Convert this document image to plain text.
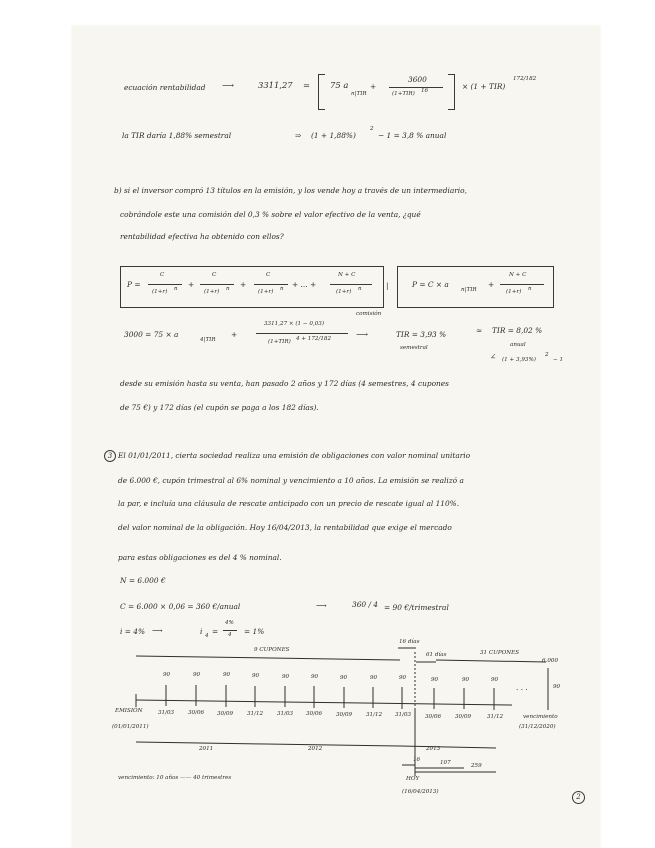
ecuación rentabilidad ⟶	3311,27 = 75 a
n|TIR
+
3600
(1+TIR) 16	× (1 + TIR)
172/182
la TIR daría 1,88% semestral	⇒ (1 + 1,88%)
2
− 1 = 3,8 % anual
b) si el inversor compró 13 títulos en la emisión, y los vende hoy a través de un intermediario,
cobrándole este una comisión del 0,3 % sobre el valor efectivo de la venta, ¿qué
rentabilidad efectiva ha obtenido con ellos?
P =
C
(1+r) n +
C
(1+r) n +
C
(1+r) n + ... +
N + C
(1+r) n	|	P = C × a
n|TIR
+
N + C
(1+r) n
3000 = 75 × a
4|TIR
+
3311,27 × (1 − 0,03)
(1+TIR) 4 + 172/182
comisión
⟶	TIR = 3,93 %
semestral
≈ TIR = 8,02 %
anual
∠ (1 + 3,93%)
2
− 1
desde su emisión hasta su venta, han pasado 2 años y 172 días (4 semestres, 4 cupones
de 75 €) y 172 días (el cupón se paga a los 182 días).
3 El 01/01/2011, cierta sociedad realiza una emisión de obligaciones con valor nominal unitario
de 6.000 €, cupón trimestral al 6% nominal y vencimiento a 10 años. La emisión se realizó a
la par, e incluía una cláusula de rescate anticipado con un precio de rescate igual al 110%.
del valor nominal de la obligación. Hoy 16/04/2013, la rentabilidad que exige el mercado
para estas obligaciones es del 4 % nominal.
N = 6.000 €
C = 6.000 × 0,06 = 360 €/anual	⟶	360 / 4 = 90 €/trimestral
i = 4% ⟶	i 4 =
4%
4 = 1%
16 días
9 CUPONES
61 días	31 CUPONES
6.000
90
90	90	90	90	90	90	90	90	90	90	90	90
. . .
31/03 30/06 30/09 31/12 31/03 30/06 30/09 31/12 31/03 30/06 30/09	31/12
EMISIÓN
(01/01/2011)
vencimiento
(31/12/2020)
2011	2012	2013
16	107	259
HOY
(16/04/2013)
vencimiento: 10 años —— 40 trimestres
2
